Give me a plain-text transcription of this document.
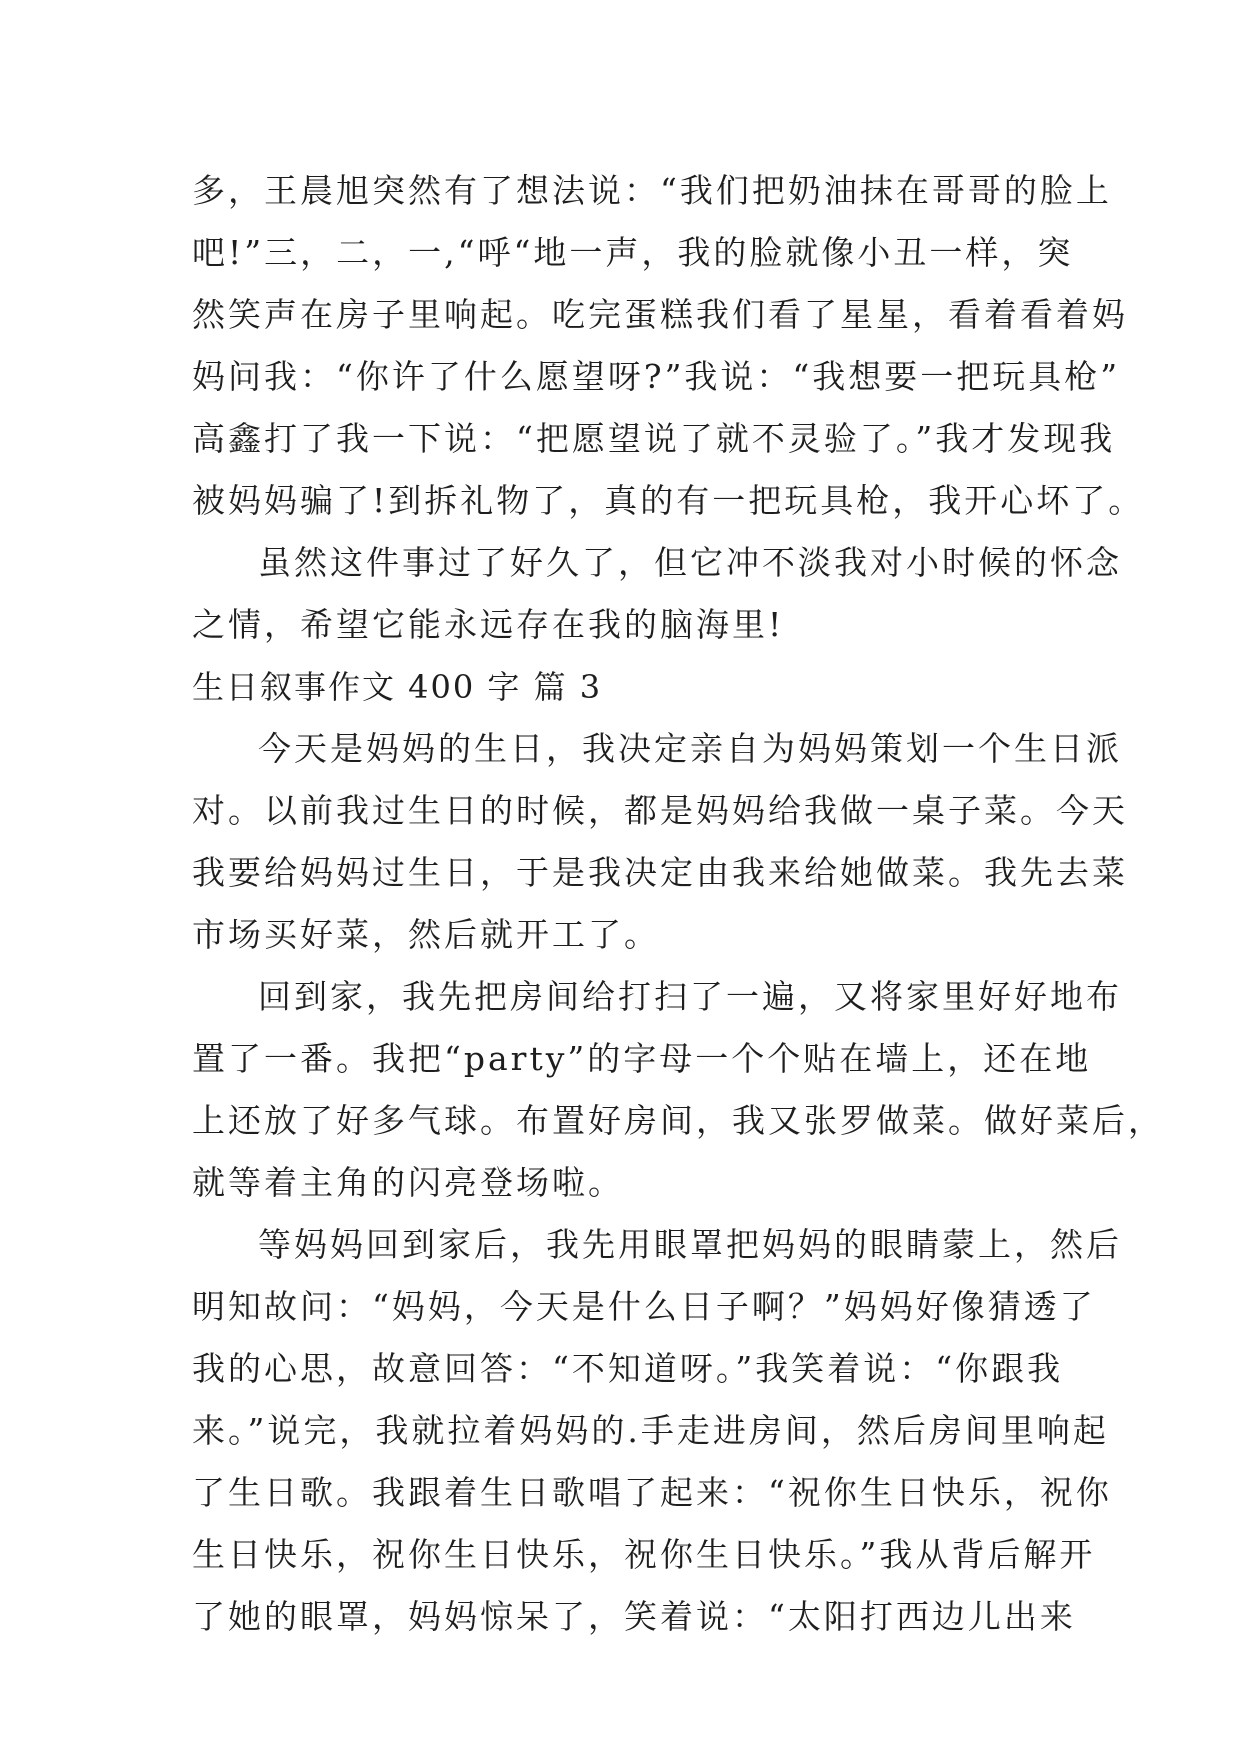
多，王晨旭突然有了想法说：“我们把奶油抹在哥哥的脸上
吧!”三，二，一,“呼“地一声，我的脸就像小丑一样，突
然笑声在房子里响起。吃完蛋糕我们看了星星，看着看着妈
妈问我：“你许了什么愿望呀?”我说：“我想要一把玩具枪”
高鑫打了我一下说：“把愿望说了就不灵验了。”我才发现我
被妈妈骗了!到拆礼物了，真的有一把玩具枪，我开心坏了。
虽然这件事过了好久了，但它冲不淡我对小时候的怀念
之情，希望它能永远存在我的脑海里!
生日叙事作文 400 字 篇 3
今天是妈妈的生日，我决定亲自为妈妈策划一个生日派
对。以前我过生日的时候，都是妈妈给我做一桌子菜。今天
我要给妈妈过生日，于是我决定由我来给她做菜。我先去菜
市场买好菜，然后就开工了。
回到家，我先把房间给打扫了一遍，又将家里好好地布
置了一番。我把“party”的字母一个个贴在墙上，还在地
上还放了好多气球。布置好房间，我又张罗做菜。做好菜后，
就等着主角的闪亮登场啦。
等妈妈回到家后，我先用眼罩把妈妈的眼睛蒙上，然后
明知故问：“妈妈，今天是什么日子啊？”妈妈好像猜透了
我的心思，故意回答：“不知道呀。”我笑着说：“你跟我
来。”说完，我就拉着妈妈的.手走进房间，然后房间里响起
了生日歌。我跟着生日歌唱了起来：“祝你生日快乐，祝你
生日快乐，祝你生日快乐，祝你生日快乐。”我从背后解开
了她的眼罩，妈妈惊呆了，笑着说：“太阳打西边儿出来
